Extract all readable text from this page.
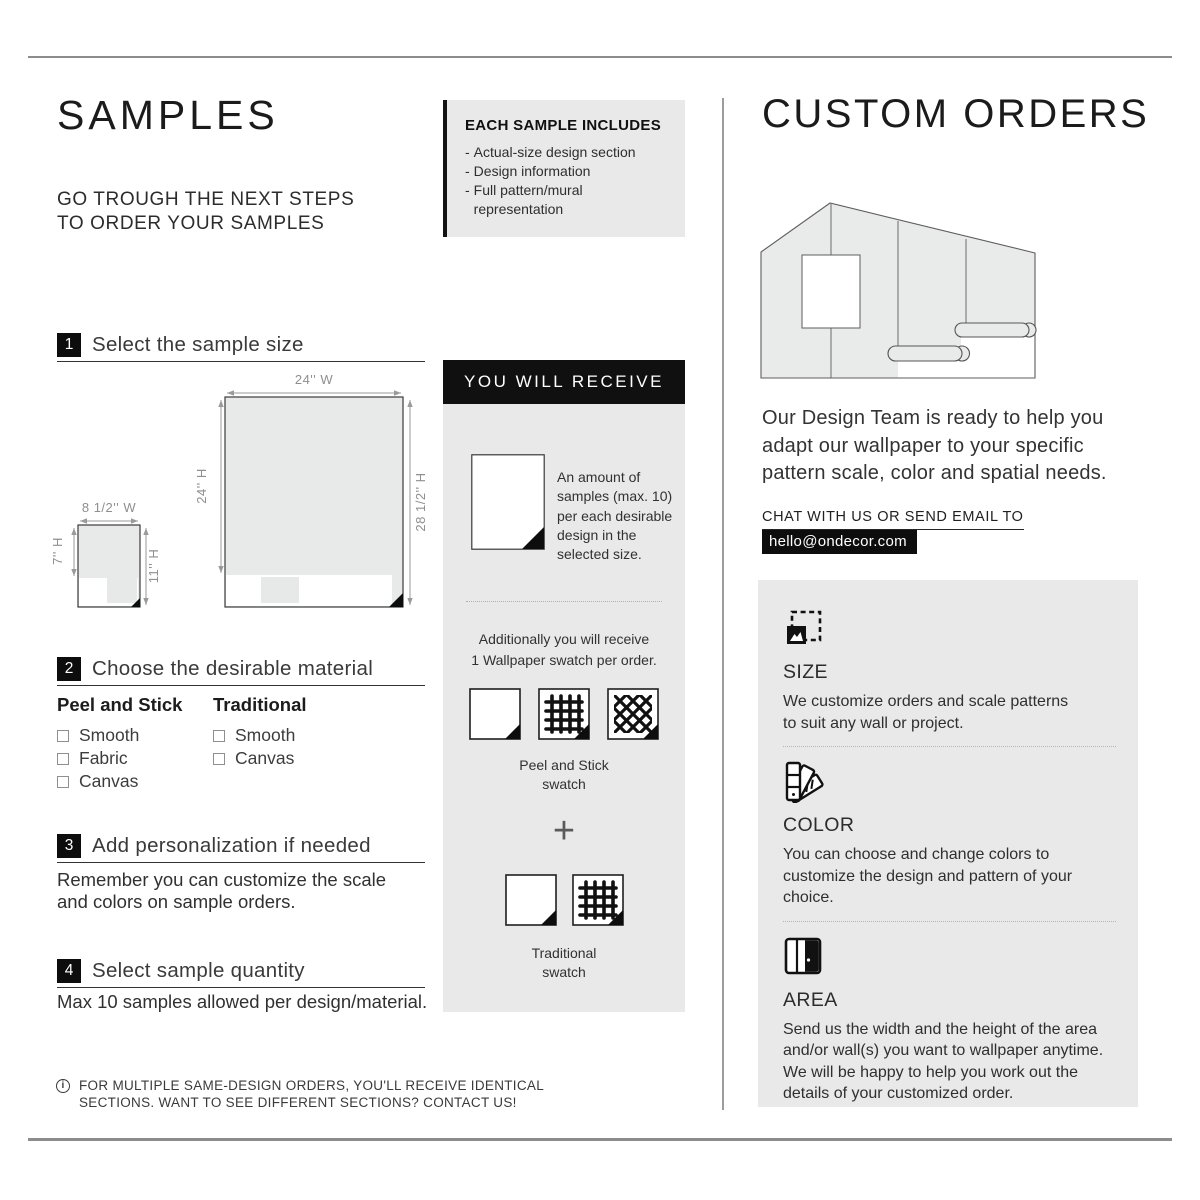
SAMPLES
GO TROUGH THE NEXT STEPS
TO ORDER YOUR SAMPLES
1 Select the sample size
24'' W
24'' H	28 1/2'' H
8 1/2'' W
7'' H	11'' H
2 Choose the desirable material
Peel and Stick
Smooth
Fabric
Canvas
Traditional
Smooth
Canvas
3 Add personalization if needed
Remember you can customize the scale
and colors on sample orders.
4 Select sample quantity
Max 10 samples allowed per design/material.
i FOR MULTIPLE SAME-DESIGN ORDERS, YOU'LL RECEIVE IDENTICAL
SECTIONS. WANT TO SEE DIFFERENT SECTIONS? CONTACT US!
EACH SAMPLE INCLUDES
- Actual-size design section
- Design information
- Full pattern/mural representation
YOU WILL RECEIVE
An amount of
samples (max. 10)
per each desirable
design in the
selected size.
Additionally you will receive
1 Wallpaper swatch per order.
Peel and Stick
swatch
+
Traditional
swatch
CUSTOM ORDERS
Our Design Team is ready to help you
adapt our wallpaper to your specific
pattern scale, color and spatial needs.
CHAT WITH US OR SEND EMAIL TO
hello@ondecor.com
SIZE
We customize orders and scale patterns
to suit any wall or project.
COLOR
You can choose and change colors to
customize the design and pattern of your
choice.
AREA
Send us the width and the height of the area
and/or wall(s) you want to wallpaper anytime.
We will be happy to help you work out the
details of your customized order.
